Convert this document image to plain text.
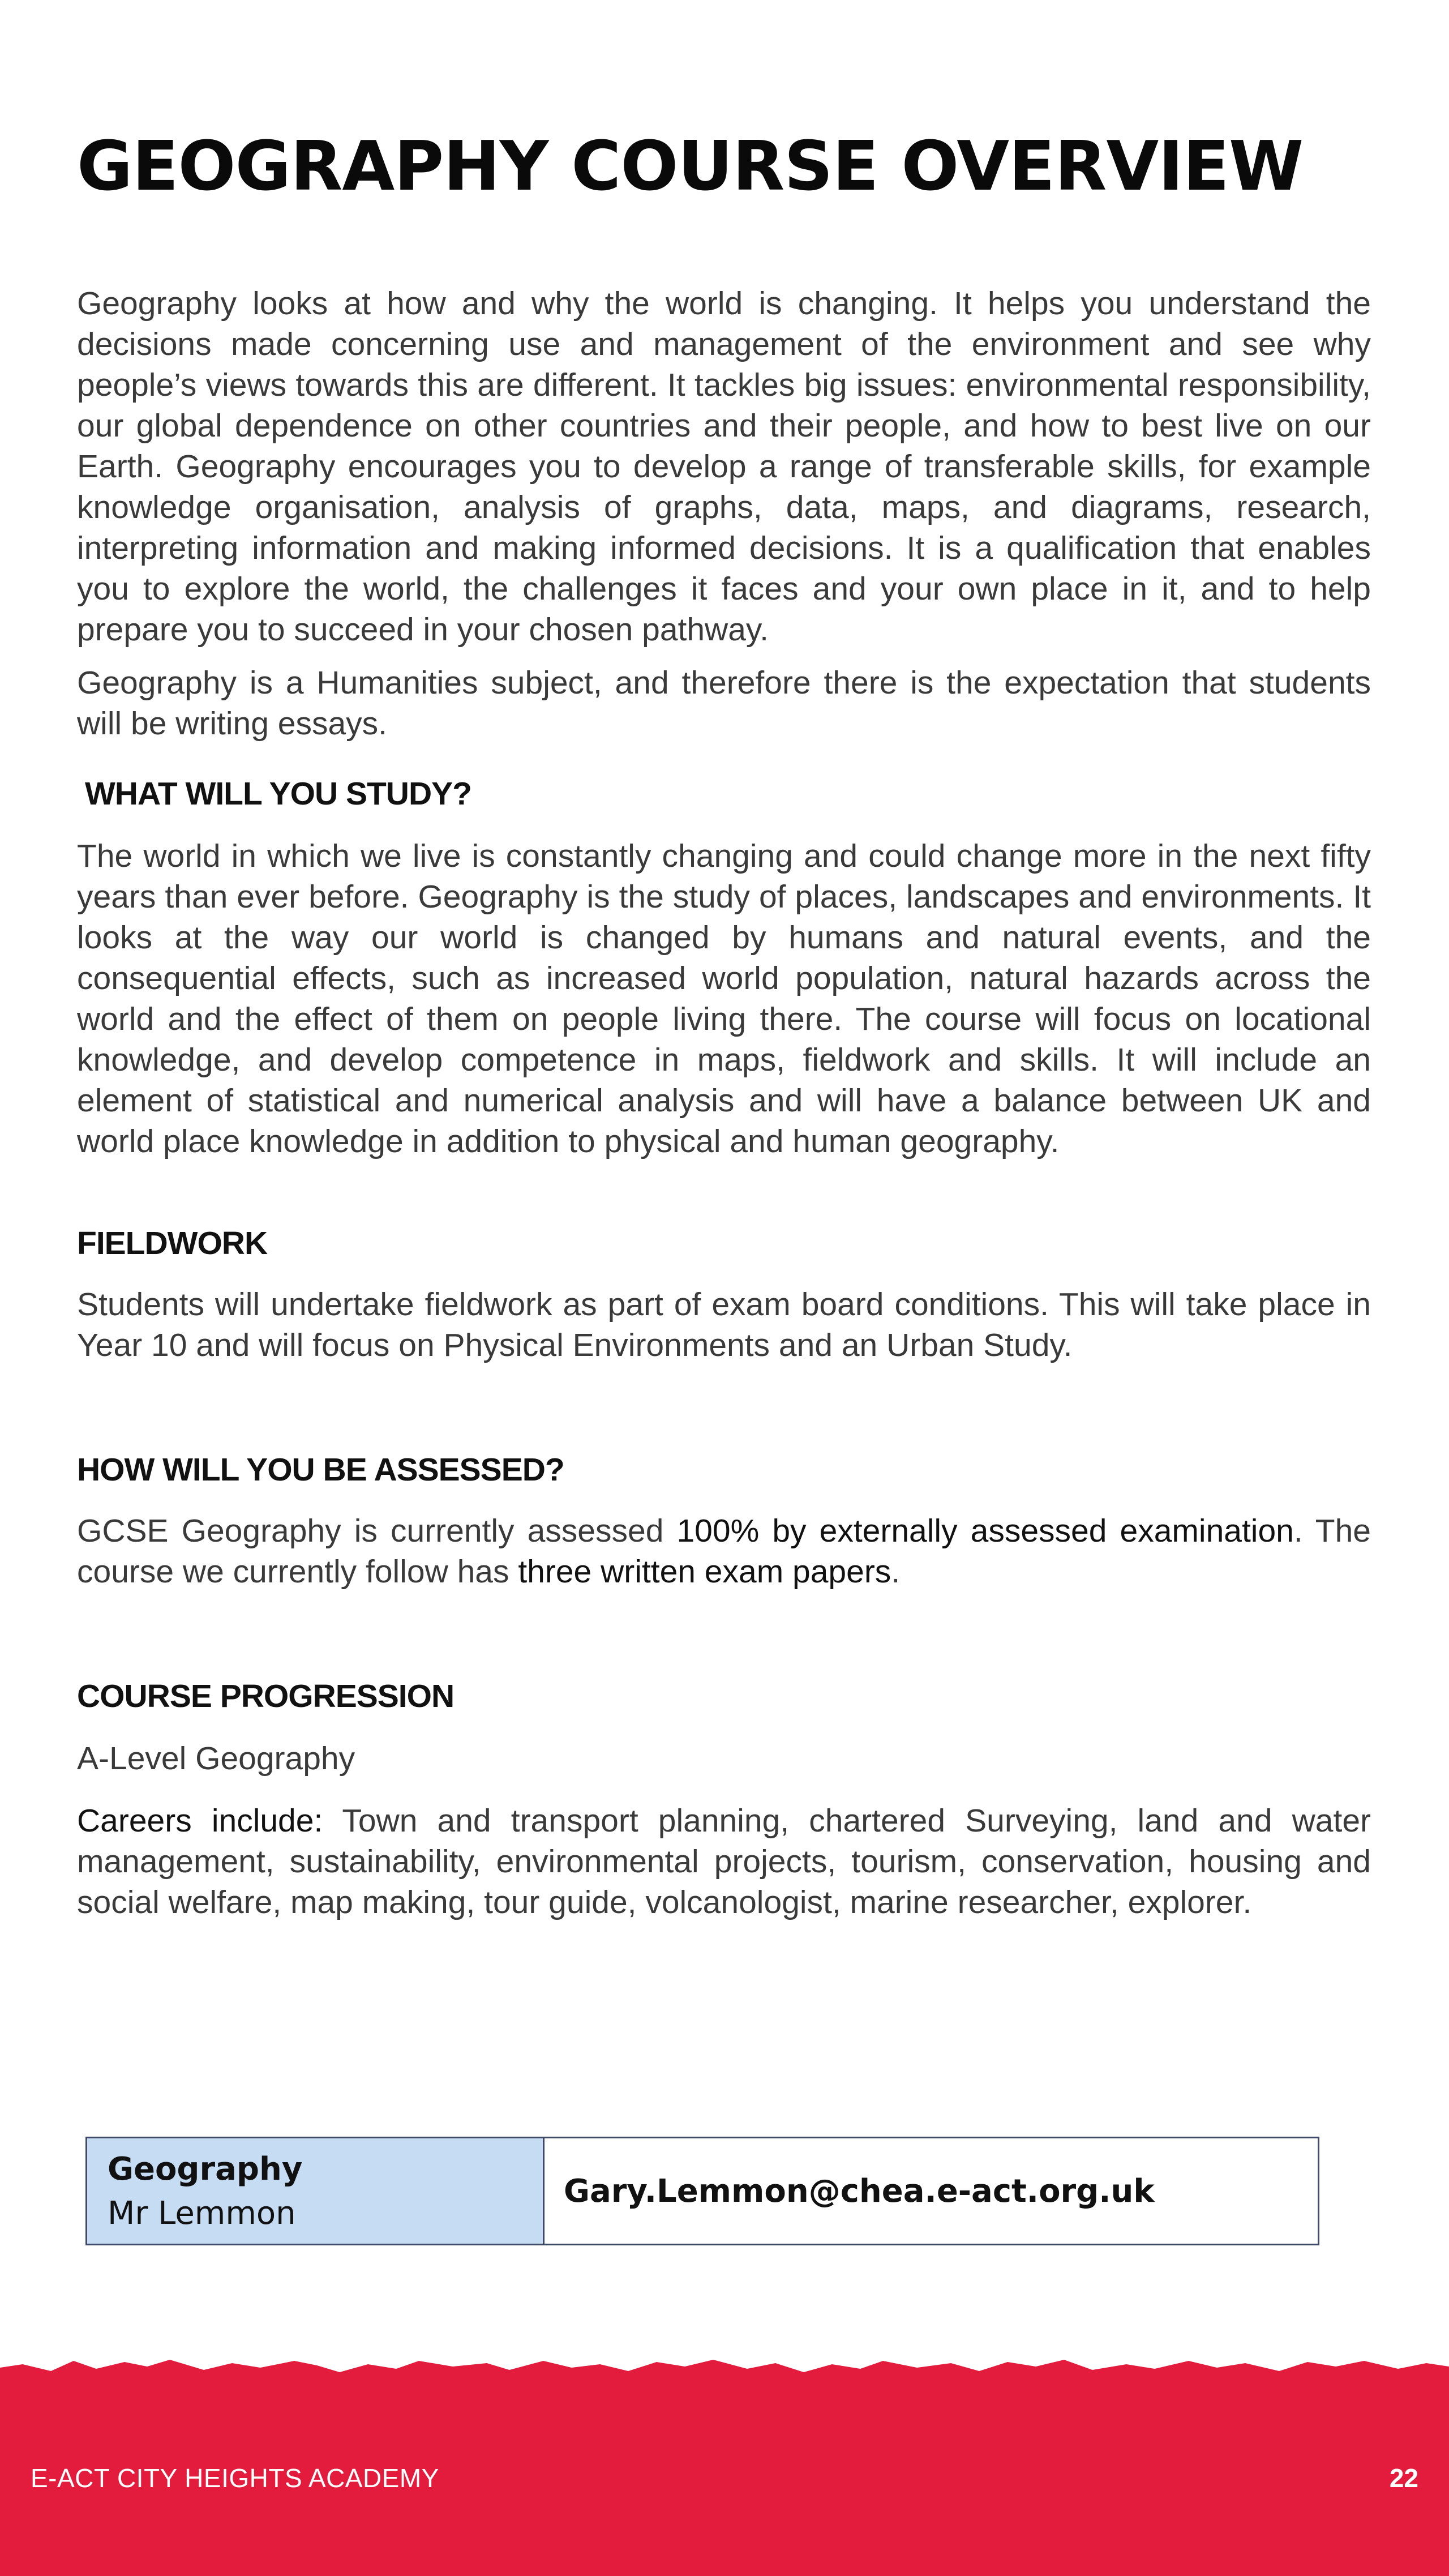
GEOGRAPHY COURSE OVERVIEW

Geography looks at how and why the world is changing. It helps you understand the decisions made concerning use and management of the environment and see why people’s views towards this are different. It tackles big issues: environmental responsibility, our global dependence on other countries and their people, and how to best live on our Earth. Geography encourages you to develop a range of transferable skills, for example knowledge organisation, analysis of graphs, data, maps, and diagrams, research, interpreting information and making informed decisions. It is a qualification that enables you to explore the world, the challenges it faces and your own place in it, and to help prepare you to succeed in your chosen pathway.

Geography is a Humanities subject, and therefore there is the expectation that students will be writing essays.

WHAT WILL YOU STUDY?

The world in which we live is constantly changing and could change more in the next fifty years than ever before. Geography is the study of places, landscapes and environments. It looks at the way our world is changed by humans and natural events, and the consequential effects, such as increased world population, natural hazards across the world and the effect of them on people living there. The course will focus on locational knowledge, and develop competence in maps, fieldwork and skills. It will include an element of statistical and numerical analysis and will have a balance between UK and world place knowledge in addition to physical and human geography.

FIELDWORK

Students will undertake fieldwork as part of exam board conditions. This will take place in Year 10 and will focus on Physical Environments and an Urban Study.

HOW WILL YOU BE ASSESSED?

GCSE Geography is currently assessed 100% by externally assessed examination. The course we currently follow has three written exam papers.

COURSE PROGRESSION

A-Level Geography

Careers include: Town and transport planning, chartered Surveying, land and water management, sustainability, environmental projects, tourism, conservation, housing and social welfare, map making, tour guide, volcanologist, marine researcher, explorer.

Geography
Mr Lemmon
Gary.Lemmon@chea.e-act.org.uk
E-ACT CITY HEIGHTS ACADEMY	22
